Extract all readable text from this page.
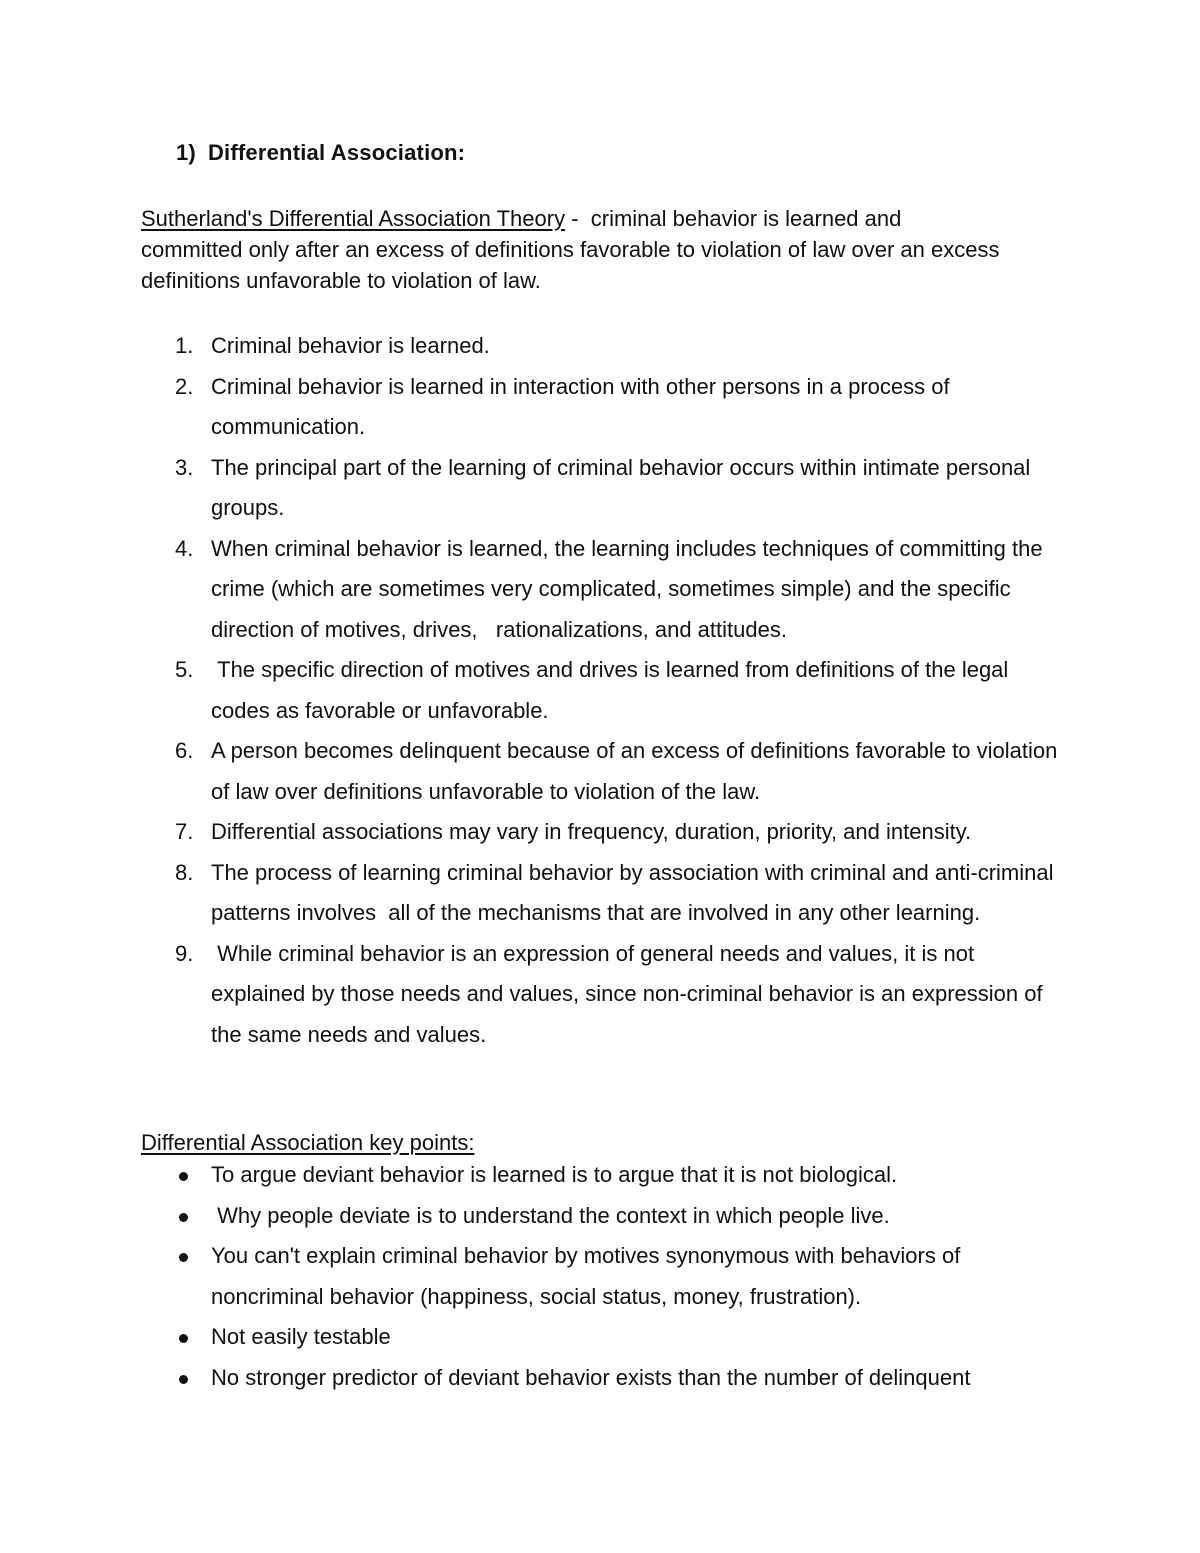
1) Differential Association:
Sutherland's Differential Association Theory -  criminal behavior is learned and committed only after an excess of definitions favorable to violation of law over an excess definitions unfavorable to violation of law.
1. Criminal behavior is learned.
2. Criminal behavior is learned in interaction with other persons in a process of communication.
3. The principal part of the learning of criminal behavior occurs within intimate personal groups.
4. When criminal behavior is learned, the learning includes techniques of committing the crime (which are sometimes very complicated, sometimes simple) and the specific direction of motives, drives,   rationalizations, and attitudes.
5. The specific direction of motives and drives is learned from definitions of the legal codes as favorable or unfavorable.
6. A person becomes delinquent because of an excess of definitions favorable to violation of law over definitions unfavorable to violation of the law.
7. Differential associations may vary in frequency, duration, priority, and intensity.
8. The process of learning criminal behavior by association with criminal and anti-criminal patterns involves  all of the mechanisms that are involved in any other learning.
9. While criminal behavior is an expression of general needs and values, it is not explained by those needs and values, since non-criminal behavior is an expression of the same needs and values.
Differential Association key points:
To argue deviant behavior is learned is to argue that it is not biological.
Why people deviate is to understand the context in which people live.
You can't explain criminal behavior by motives synonymous with behaviors of noncriminal behavior (happiness, social status, money, frustration).
Not easily testable
No stronger predictor of deviant behavior exists than the number of delinquent
